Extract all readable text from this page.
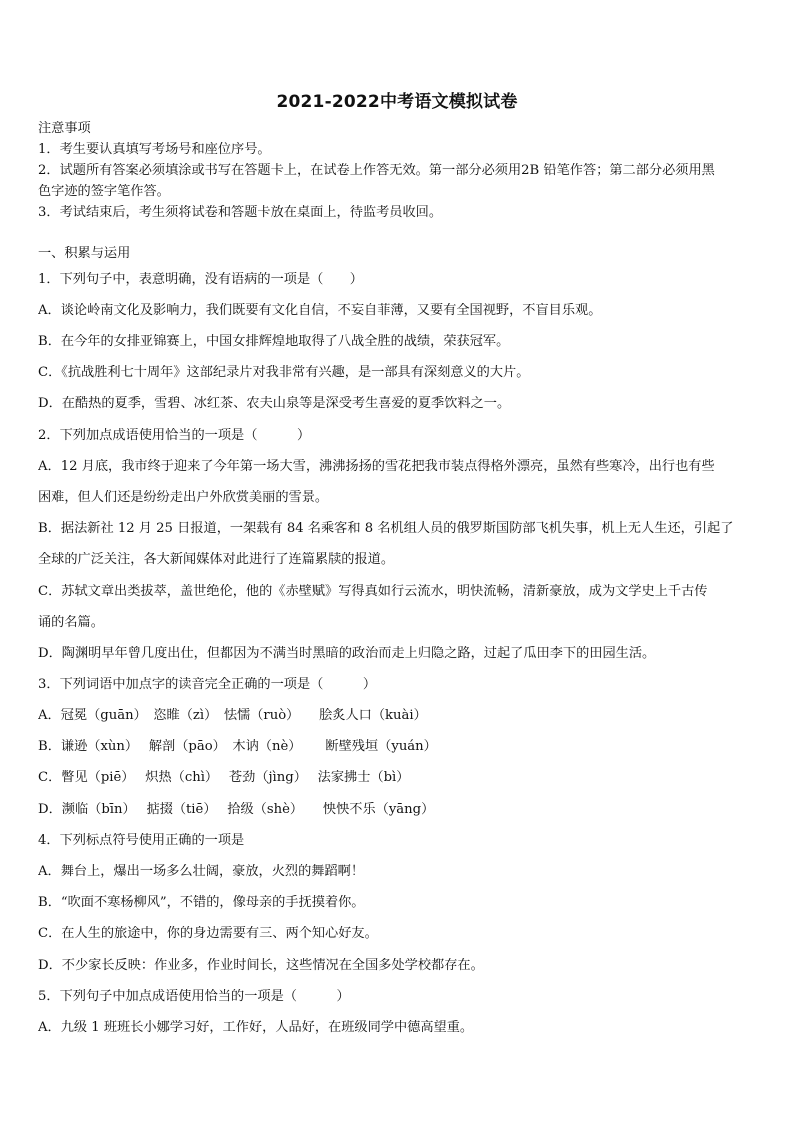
2021-2022中考语文模拟试卷
注意事项
1．考生要认真填写考场号和座位序号。
2．试题所有答案必须填涂或书写在答题卡上，在试卷上作答无效。第一部分必须用2B 铅笔作答；第二部分必须用黑
色字迹的签字笔作答。
3．考试结束后，考生须将试卷和答题卡放在桌面上，待监考员收回。
一、积累与运用
1．下列句子中，表意明确，没有语病的一项是（　　）
A．谈论岭南文化及影响力，我们既要有文化自信，不妄自菲薄，又要有全国视野，不盲目乐观。
B．在今年的女排亚锦赛上，中国女排辉煌地取得了八战全胜的战绩，荣获冠军。
C．《抗战胜利七十周年》这部纪录片对我非常有兴趣，是一部具有深刻意义的大片。
D．在酷热的夏季，雪碧、冰红茶、农夫山泉等是深受考生喜爱的夏季饮料之一。
2．下列加点成语使用恰当的一项是（　　　）
A．12 月底，我市终于迎来了今年第一场大雪，沸沸扬扬的雪花把我市装点得格外漂亮，虽然有些寒冷，出行也有些
困难，但人们还是纷纷走出户外欣赏美丽的雪景。
B．据法新社 12 月 25 日报道，一架载有 84 名乘客和 8 名机组人员的俄罗斯国防部飞机失事，机上无人生还，引起了
全球的广泛关注，各大新闻媒体对此进行了连篇累牍的报道。
C．苏轼文章出类拔萃，盖世绝伦，他的《赤壁赋》写得真如行云流水，明快流畅，清新豪放，成为文学史上千古传
诵的名篇。
D．陶渊明早年曾几度出仕，但都因为不满当时黑暗的政治而走上归隐之路，过起了瓜田李下的田园生活。
3．下列词语中加点字的读音完全正确的一项是（　　　）
A．冠冕（guān）　恣睢（zì）　怯懦（ruò）　　脍炙人口（kuài）
B．谦逊（xùn）　 解剖（pāo）　木讷（nè）　　 断壁残垣（yuán）
C．瞥见（piē）　 炽热（chì）　 苍劲（jìng）　 法家拂士（bì）
D．濒临（bīn）　 掂掇（tiē）　 拾级（shè）　　怏怏不乐（yāng）
4．下列标点符号使用正确的一项是
A．舞台上，爆出一场多么壮阔，豪放，火烈的舞蹈啊！
B．“吹面不寒杨柳风”，不错的，像母亲的手抚摸着你。
C．在人生的旅途中，你的身边需要有三、两个知心好友。
D．不少家长反映：作业多，作业时间长，这些情况在全国多处学校都存在。
5．下列句子中加点成语使用恰当的一项是（　　　）
A．九级 1 班班长小娜学习好，工作好，人品好，在班级同学中德高望重。
